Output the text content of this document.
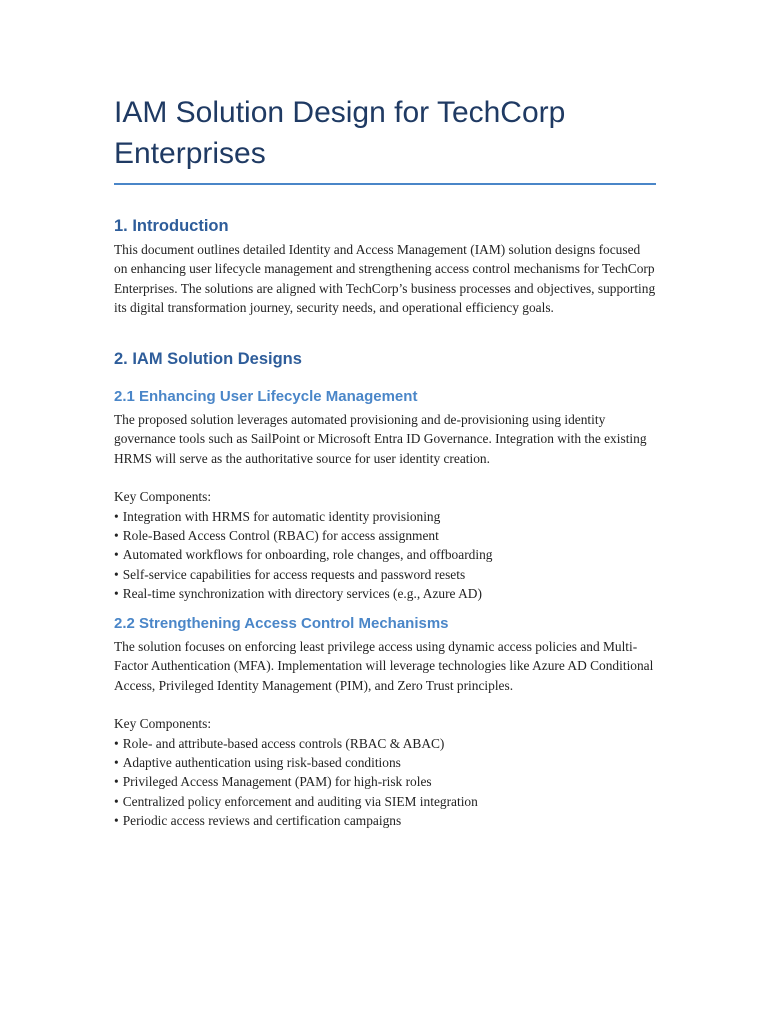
IAM Solution Design for TechCorp Enterprises
1. Introduction

This document outlines detailed Identity and Access Management (IAM) solution designs focused on enhancing user lifecycle management and strengthening access control mechanisms for TechCorp Enterprises. The solutions are aligned with TechCorp’s business processes and objectives, supporting its digital transformation journey, security needs, and operational efficiency goals.

2. IAM Solution Designs
2.1 Enhancing User Lifecycle Management

The proposed solution leverages automated provisioning and de-provisioning using identity governance tools such as SailPoint or Microsoft Entra ID Governance. Integration with the existing HRMS will serve as the authoritative source for user identity creation.

Key Components:

• Integration with HRMS for automatic identity provisioning
• Role-Based Access Control (RBAC) for access assignment
• Automated workflows for onboarding, role changes, and offboarding
• Self-service capabilities for access requests and password resets
• Real-time synchronization with directory services (e.g., Azure AD)
2.2 Strengthening Access Control Mechanisms

The solution focuses on enforcing least privilege access using dynamic access policies and Multi-Factor Authentication (MFA). Implementation will leverage technologies like Azure AD Conditional Access, Privileged Identity Management (PIM), and Zero Trust principles.

Key Components:

• Role- and attribute-based access controls (RBAC & ABAC)
• Adaptive authentication using risk-based conditions
• Privileged Access Management (PAM) for high-risk roles
• Centralized policy enforcement and auditing via SIEM integration
• Periodic access reviews and certification campaigns
